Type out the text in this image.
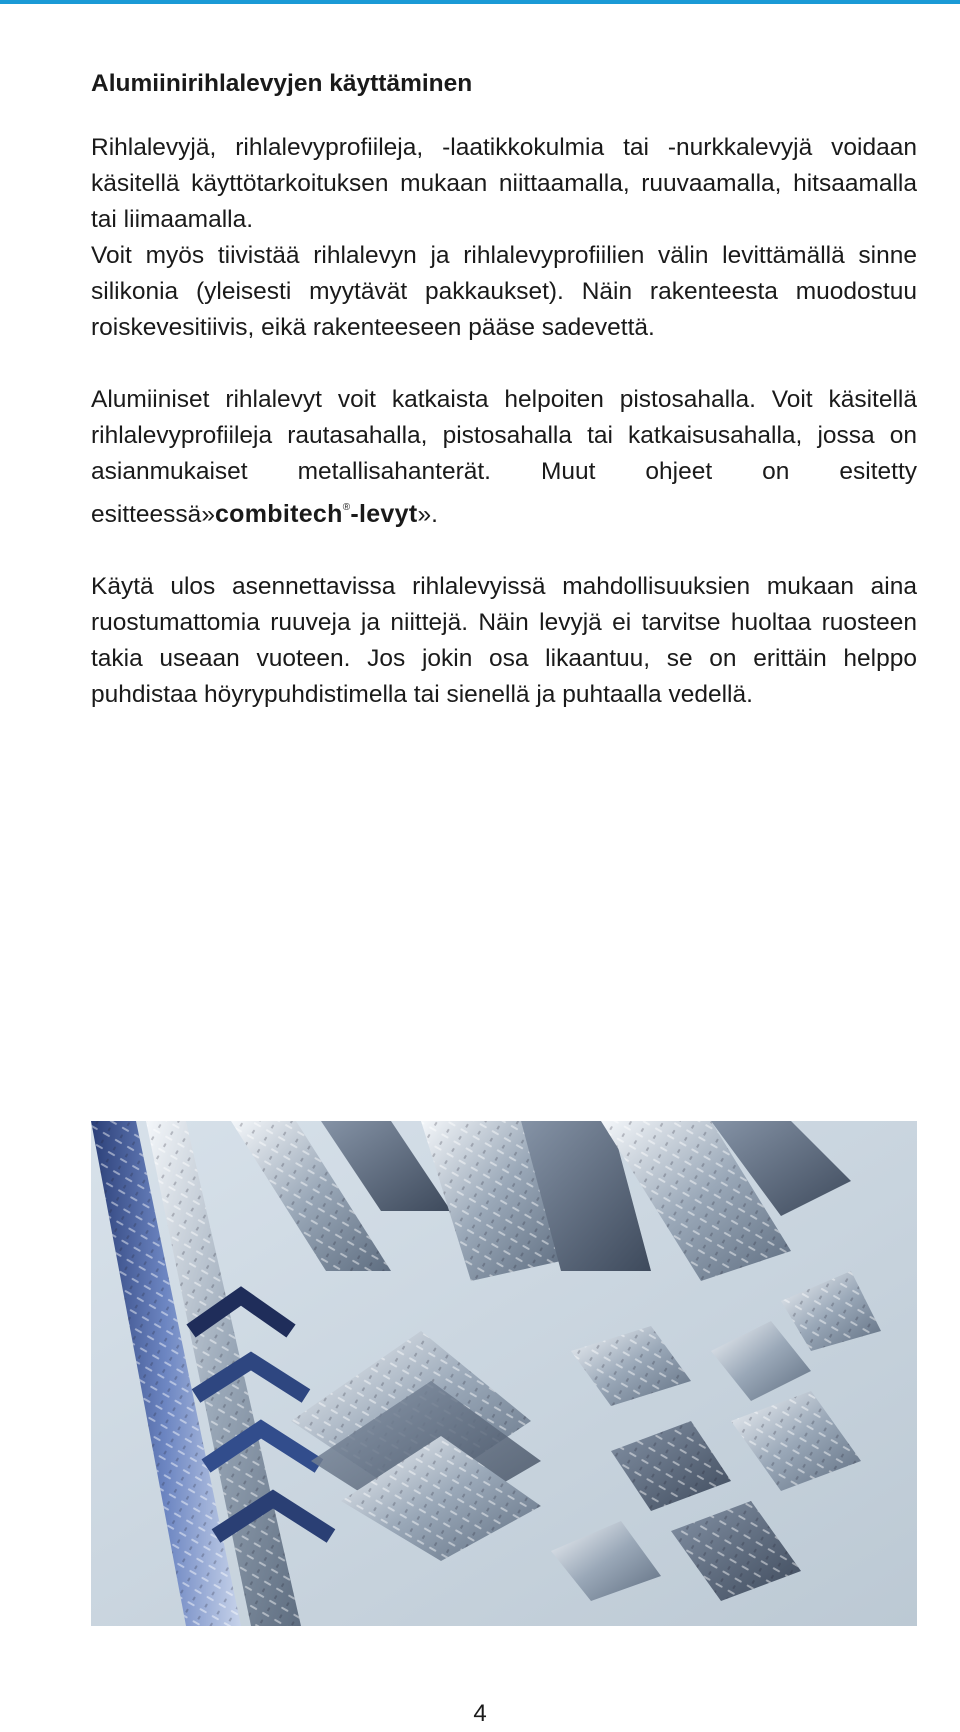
Alumiinirihlalevyjen käyttäminen

Rihlalevyjä, rihlalevyprofiileja, -laatikkokulmia tai -nurkkalevyjä voidaan käsitellä käyttötarkoituksen mukaan niittaamalla, ruuvaamalla, hitsaamalla tai liimaamalla.
Voit myös tiivistää rihlalevyn ja rihlalevyprofiilien välin levittämällä sinne silikonia (yleisesti myytävät pakkaukset). Näin rakenteesta muodostuu roiskevesitiivis, eikä rakenteeseen pääse sadevettä.

Alumiiniset rihlalevyt voit katkaista helpoiten pistosahalla. Voit käsitellä rihlalevyprofiileja rautasahalla, pistosahalla tai katkaisusahalla, jossa on asianmukaiset metallisahanterät. Muut ohjeet on esitetty esitteessä»combitech®-levyt».

Käytä ulos asennettavissa rihlalevyissä mahdollisuuksien mukaan aina ruostumattomia ruuveja ja niittejä. Näin levyjä ei tarvitse huoltaa ruosteen takia useaan vuoteen. Jos jokin osa likaantuu, se on erittäin helppo puhdistaa höyrypuhdistimella tai sienellä ja puhtaalla vedellä.

4
